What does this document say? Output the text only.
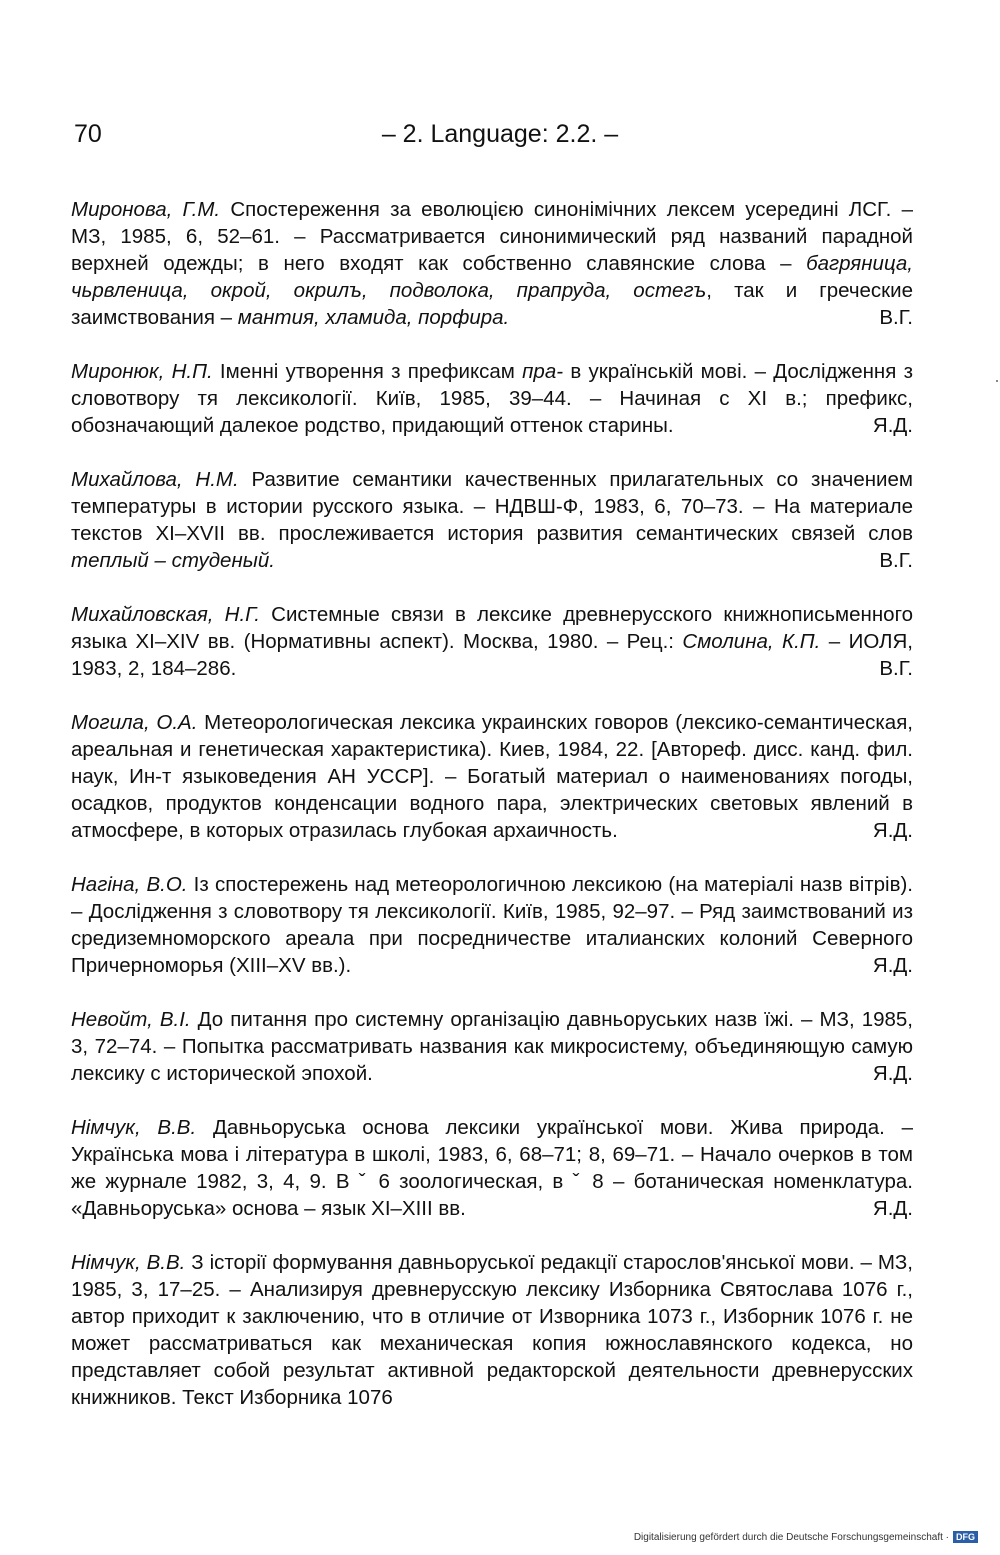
70	– 2. Language: 2.2. –

Миронова, Г.М. Спостереження за еволюцією синонімічних лексем усередині ЛСГ. – МЗ, 1985, 6, 52–61. – Рассматривается синонимический ряд названий парадной верхней одежды; в него входят как собственно славянские слова – багряница, чьрвленица, окрой, окрилъ, подволока, прапруда, остегъ, так и греческие заимствования – мантия, хламида, порфира.	В.Г.

Миронюк, Н.П. Іменні утворення з префиксам пра- в українській мові. – Дослідження з словотвору тя лексикології. Київ, 1985, 39–44. – Начиная с XI в.; префикс, обозначающий далекое родство, придающий оттенок старины.	Я.Д.

Михайлова, Н.М. Развитие семантики качественных прилагательных со значением температуры в истории русского языка. – НДВШ-Ф, 1983, 6, 70–73. – На материале текстов XI–XVII вв. прослеживается история развития семантических связей слов теплый – студеный.	В.Г.

Михайловская, Н.Г. Системные связи в лексике древнерусского книжнописьменного языка XI–XIV вв. (Нормативны аспект). Москва, 1980. – Рец.: Смолина, К.П. – ИОЛЯ, 1983, 2, 184–286.	В.Г.

Могила, О.А. Метеорологическая лексика украинских говоров (лексико-семантическая, ареальная и генетическая характеристика). Киев, 1984, 22. [Автореф. дисс. канд. фил. наук, Ин-т языковедения АН УССР]. – Богатый материал о наименованиях погоды, осадков, продуктов конденсации водного пара, электрических световых явлений в атмосфере, в которых отразилась глубокая архаичность.	Я.Д.

Нагіна, В.О. Із спостережень над метеорологичною лексикою (на матеріалі назв вітрів). – Дослідження з словотвору тя лексикології. Київ, 1985, 92–97. – Ряд заимствований из средиземноморского ареала при посредничестве италианских колоний Северного Причерноморья (XIII–XV вв.).	Я.Д.

Невойт, В.І. До питання про системну організацію давньоруських назв їжі. – МЗ, 1985, 3, 72–74. – Попытка рассматривать названия как микросистему, объединяющую самую лексику с исторической эпохой.	Я.Д.

Німчук, В.В. Давньоруська основа лексики української мови. Жива природа. – Українська мова і література в школі, 1983, 6, 68–71; 8, 69–71. – Начало очерков в том же журнале 1982, 3, 4, 9. В ˇ 6 зоологическая, в ˇ 8 – ботаническая номенклатура. «Давньоруська» основа – язык XI–XIII вв.	Я.Д.

Німчук, В.В. З історії формування давньоруської редакції старослов'янської мови. – МЗ, 1985, 3, 17–25. – Анализируя древнерусскую лексику Изборника Святослава 1076 г., автор приходит к заключению, что в отличие от Изворника 1073 г., Изборник 1076 г. не может рассматриваться как механическая копия южнославянского кодекса, но представляет собой результат активной редакторской деятельности древнерусских книжников. Текст Изборника 1076

Digitalisierung gefördert durch die Deutsche Forschungsgemeinschaft · DFG
